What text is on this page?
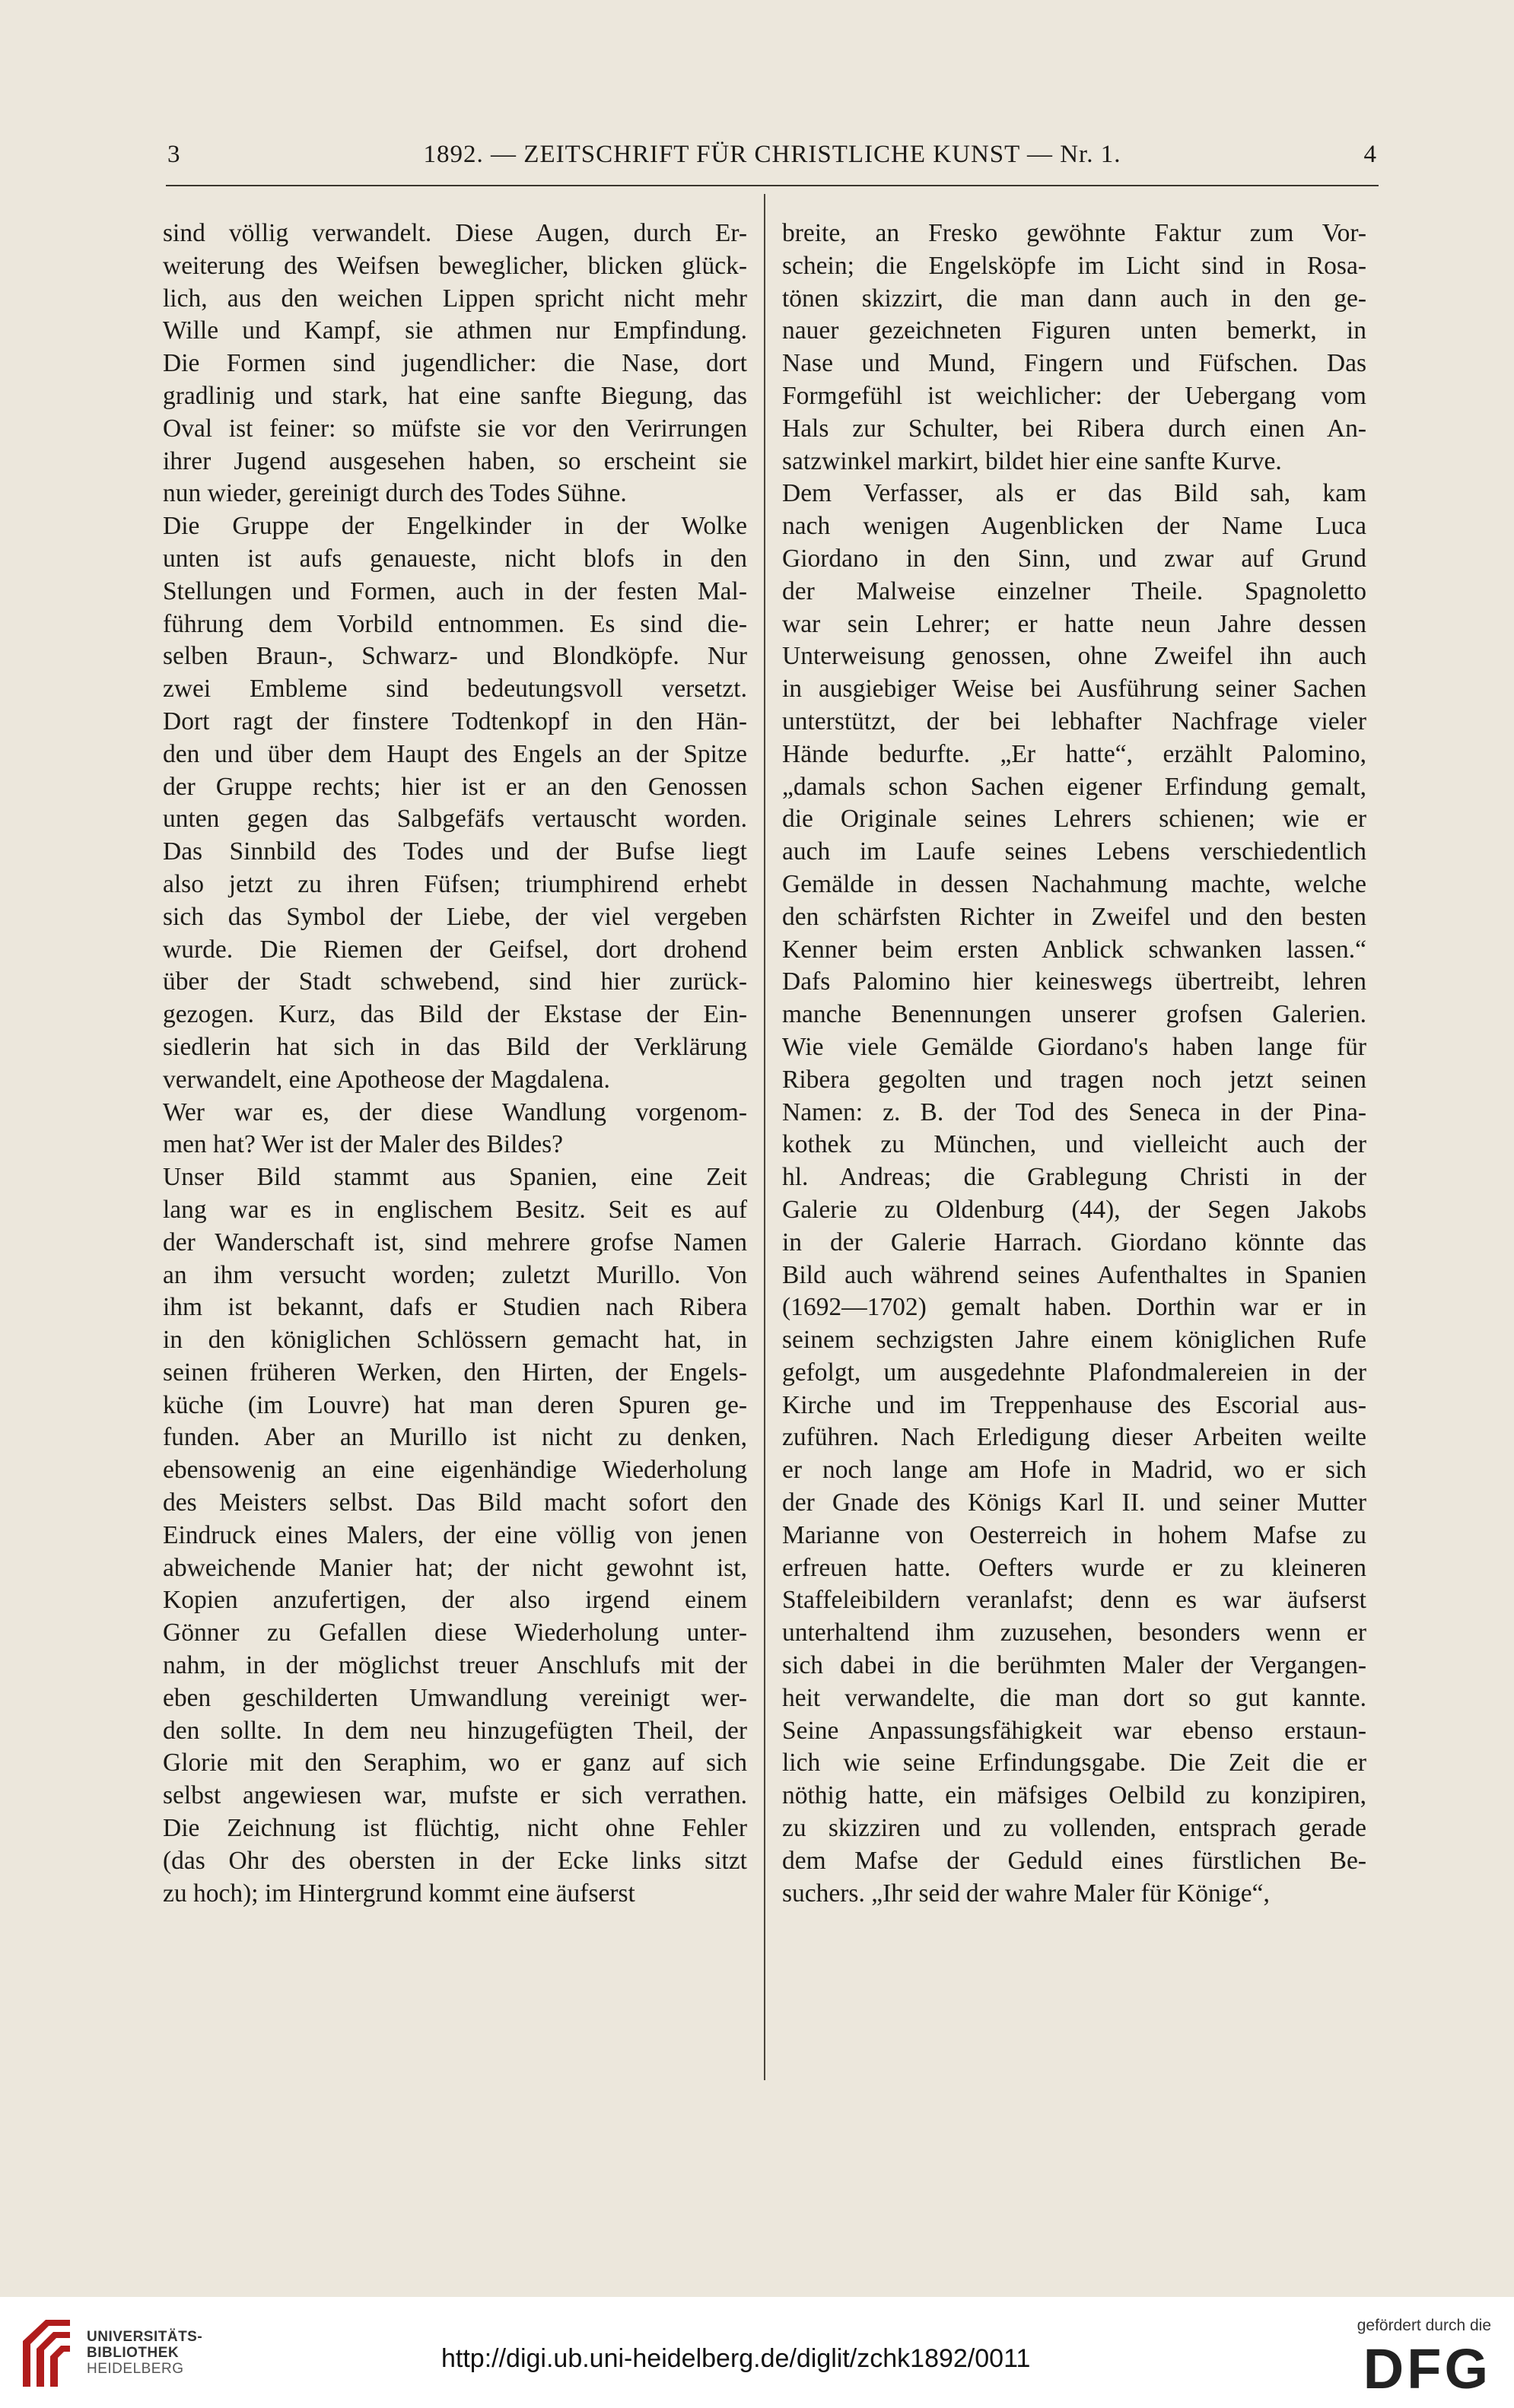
3	1892. — ZEITSCHRIFT FÜR CHRISTLICHE KUNST — Nr. 1.	4
sind völlig verwandelt. Diese Augen, durch Er-
weiterung des Weifsen beweglicher, blicken glück-
lich, aus den weichen Lippen spricht nicht mehr
Wille und Kampf, sie athmen nur Empfindung.
Die Formen sind jugendlicher: die Nase, dort
gradlinig und stark, hat eine sanfte Biegung, das
Oval ist feiner: so müfste sie vor den Verirrungen
ihrer Jugend ausgesehen haben, so erscheint sie
nun wieder, gereinigt durch des Todes Sühne.
Die Gruppe der Engelkinder in der Wolke
unten ist aufs genaueste, nicht blofs in den
Stellungen und Formen, auch in der festen Mal-
führung dem Vorbild entnommen. Es sind die-
selben Braun-, Schwarz- und Blondköpfe. Nur
zwei Embleme sind bedeutungsvoll versetzt.
Dort ragt der finstere Todtenkopf in den Hän-
den und über dem Haupt des Engels an der Spitze
der Gruppe rechts; hier ist er an den Genossen
unten gegen das Salbgefäfs vertauscht worden.
Das Sinnbild des Todes und der Bufse liegt
also jetzt zu ihren Füfsen; triumphirend erhebt
sich das Symbol der Liebe, der viel vergeben
wurde. Die Riemen der Geifsel, dort drohend
über der Stadt schwebend, sind hier zurück-
gezogen. Kurz, das Bild der Ekstase der Ein-
siedlerin hat sich in das Bild der Verklärung
verwandelt, eine Apotheose der Magdalena.
Wer war es, der diese Wandlung vorgenom-
men hat? Wer ist der Maler des Bildes?
Unser Bild stammt aus Spanien, eine Zeit
lang war es in englischem Besitz. Seit es auf
der Wanderschaft ist, sind mehrere grofse Namen
an ihm versucht worden; zuletzt Murillo. Von
ihm ist bekannt, dafs er Studien nach Ribera
in den königlichen Schlössern gemacht hat, in
seinen früheren Werken, den Hirten, der Engels-
küche (im Louvre) hat man deren Spuren ge-
funden. Aber an Murillo ist nicht zu denken,
ebensowenig an eine eigenhändige Wiederholung
des Meisters selbst. Das Bild macht sofort den
Eindruck eines Malers, der eine völlig von jenen
abweichende Manier hat; der nicht gewohnt ist,
Kopien anzufertigen, der also irgend einem
Gönner zu Gefallen diese Wiederholung unter-
nahm, in der möglichst treuer Anschlufs mit der
eben geschilderten Umwandlung vereinigt wer-
den sollte. In dem neu hinzugefügten Theil, der
Glorie mit den Seraphim, wo er ganz auf sich
selbst angewiesen war, mufste er sich verrathen.
Die Zeichnung ist flüchtig, nicht ohne Fehler
(das Ohr des obersten in der Ecke links sitzt
zu hoch); im Hintergrund kommt eine äufserst
breite, an Fresko gewöhnte Faktur zum Vor-
schein; die Engelsköpfe im Licht sind in Rosa-
tönen skizzirt, die man dann auch in den ge-
nauer gezeichneten Figuren unten bemerkt, in
Nase und Mund, Fingern und Füfschen. Das
Formgefühl ist weichlicher: der Uebergang vom
Hals zur Schulter, bei Ribera durch einen An-
satzwinkel markirt, bildet hier eine sanfte Kurve.
Dem Verfasser, als er das Bild sah, kam
nach wenigen Augenblicken der Name Luca
Giordano in den Sinn, und zwar auf Grund
der Malweise einzelner Theile. Spagnoletto
war sein Lehrer; er hatte neun Jahre dessen
Unterweisung genossen, ohne Zweifel ihn auch
in ausgiebiger Weise bei Ausführung seiner Sachen
unterstützt, der bei lebhafter Nachfrage vieler
Hände bedurfte. „Er hatte“, erzählt Palomino,
„damals schon Sachen eigener Erfindung gemalt,
die Originale seines Lehrers schienen; wie er
auch im Laufe seines Lebens verschiedentlich
Gemälde in dessen Nachahmung machte, welche
den schärfsten Richter in Zweifel und den besten
Kenner beim ersten Anblick schwanken lassen.“
Dafs Palomino hier keineswegs übertreibt, lehren
manche Benennungen unserer grofsen Galerien.
Wie viele Gemälde Giordano's haben lange für
Ribera gegolten und tragen noch jetzt seinen
Namen: z. B. der Tod des Seneca in der Pina-
kothek zu München, und vielleicht auch der
hl. Andreas; die Grablegung Christi in der
Galerie zu Oldenburg (44), der Segen Jakobs
in der Galerie Harrach. Giordano könnte das
Bild auch während seines Aufenthaltes in Spanien
(1692—1702) gemalt haben. Dorthin war er in
seinem sechzigsten Jahre einem königlichen Rufe
gefolgt, um ausgedehnte Plafondmalereien in der
Kirche und im Treppenhause des Escorial aus-
zuführen. Nach Erledigung dieser Arbeiten weilte
er noch lange am Hofe in Madrid, wo er sich
der Gnade des Königs Karl II. und seiner Mutter
Marianne von Oesterreich in hohem Mafse zu
erfreuen hatte. Oefters wurde er zu kleineren
Staffeleibildern veranlafst; denn es war äufserst
unterhaltend ihm zuzusehen, besonders wenn er
sich dabei in die berühmten Maler der Vergangen-
heit verwandelte, die man dort so gut kannte.
Seine Anpassungsfähigkeit war ebenso erstaun-
lich wie seine Erfindungsgabe. Die Zeit die er
nöthig hatte, ein mäfsiges Oelbild zu konzipiren,
zu skizziren und zu vollenden, entsprach gerade
dem Mafse der Geduld eines fürstlichen Be-
suchers. „Ihr seid der wahre Maler für Könige“,
UNIVERSITÄTS-
BIBLIOTHEK
HEIDELBERG	http://digi.ub.uni-heidelberg.de/diglit/zchk1892/0011
gefördert durch die
DFG
